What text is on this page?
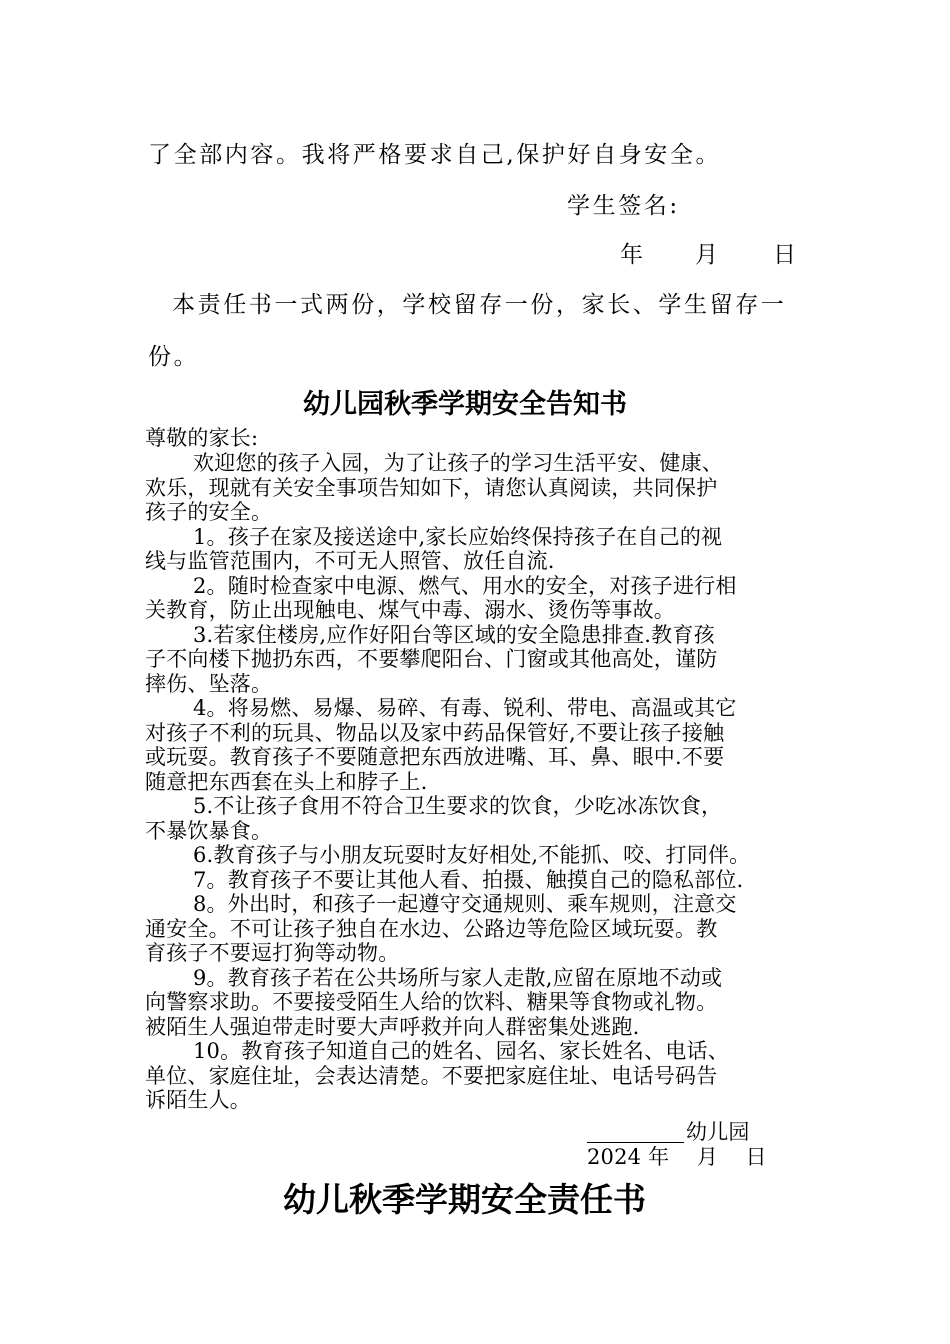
了全部内容。我将严格要求自己,保护好自身安全。
学生签名:
年 月 日
本责任书一式两份，学校留存一份，家长、学生留存一
份。
幼儿园秋季学期安全告知书
尊敬的家长:
欢迎您的孩子入园，为了让孩子的学习生活平安、健康、
欢乐，现就有关安全事项告知如下，请您认真阅读，共同保护
孩子的安全。
1。孩子在家及接送途中,家长应始终保持孩子在自己的视
线与监管范围内，不可无人照管、放任自流.
2。随时检查家中电源、燃气、用水的安全，对孩子进行相
关教育，防止出现触电、煤气中毒、溺水、烫伤等事故。
3.若家住楼房,应作好阳台等区域的安全隐患排查.教育孩
子不向楼下抛扔东西，不要攀爬阳台、门窗或其他高处，谨防
摔伤、坠落。
4。将易燃、易爆、易碎、有毒、锐利、带电、高温或其它
对孩子不利的玩具、物品以及家中药品保管好,不要让孩子接触
或玩耍。教育孩子不要随意把东西放进嘴、耳、鼻、眼中.不要
随意把东西套在头上和脖子上.
5.不让孩子食用不符合卫生要求的饮食，少吃冰冻饮食，
不暴饮暴食。
6.教育孩子与小朋友玩耍时友好相处,不能抓、咬、打同伴。
7。教育孩子不要让其他人看、拍摄、触摸自己的隐私部位.
8。外出时，和孩子一起遵守交通规则、乘车规则，注意交
通安全。不可让孩子独自在水边、公路边等危险区域玩耍。教
育孩子不要逗打狗等动物。
9。教育孩子若在公共场所与家人走散,应留在原地不动或
向警察求助。不要接受陌生人给的饮料、糖果等食物或礼物。
被陌生人强迫带走时要大声呼救并向人群密集处逃跑.
10。教育孩子知道自己的姓名、园名、家长姓名、电话、
单位、家庭住址，会表达清楚。不要把家庭住址、电话号码告
诉陌生人。
幼儿园
2024 年    月    日
幼儿秋季学期安全责任书
